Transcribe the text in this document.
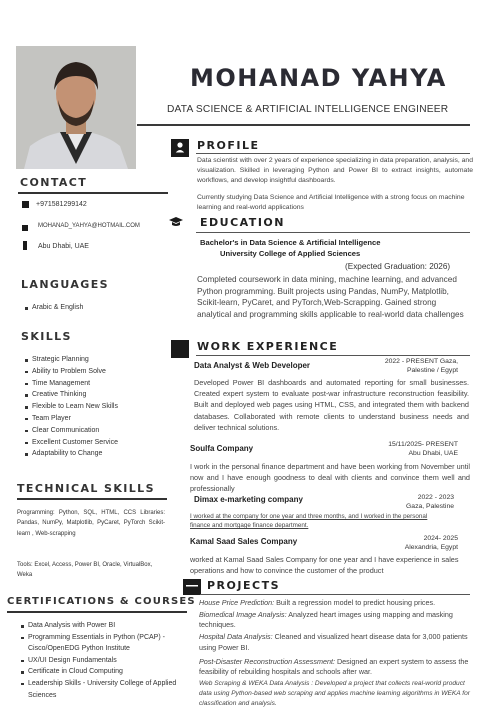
CONTACT
+971581299142
MOHANAD_YAHYA@HOTMAIL.COM
Abu Dhabi, UAE
LANGUAGES
Arabic & English
SKILLS
Strategic Planning
Ability to Problem Solve
Time Management
Creative Thinking
Flexible to Learn New Skills
Team Player
Clear Communication
Excellent Customer Service
Adaptability to Change
TECHNICAL SKILLS
Programming: Python, SQL, HTML, CCS Libraries: Pandas, NumPy, Matplotlib, PyCaret, PyTorch Scikit-learn , Web-scrapping
Tools: Excel, Access, Power BI, Oracle, VirtualBox, Weka
CERTIFICATIONS & COURSES
Data Analysis with Power BI
Programming Essentials in Python (PCAP) - Cisco/OpenEDG Python Institute
UX/UI Design Fundamentals
Certificate in Cloud Computing
Leadership Skills - University College of Applied Sciences
MOHANAD YAHYA
DATA SCIENCE & ARTIFICIAL INTELLIGENCE ENGINEER
PROFILE
Data scientist with over 2 years of experience specializing in data preparation, analysis, and visualization. Skilled in leveraging Python and Power BI to extract insights, automate workflows, and develop insightful dashboards.
Currently studying Data Science and Artificial Intelligence with a strong focus on machine learning and real-world applications
EDUCATION
Bachelor's in Data Science & Artificial Intelligence
University College of Applied Sciences
(Expected Graduation: 2026)
Completed coursework in data mining, machine learning, and advanced Python programming. Built projects using Pandas, NumPy, Matplotlib, Scikit-learn, PyCaret, and PyTorch,Web-Scrapping. Gained strong analytical and programming skills applicable to real-world data challenges
WORK EXPERIENCE
Data Analyst & Web Developer	2022 - PRESENT Gaza,
Palestine / Egypt
Developed Power BI dashboards and automated reporting for small businesses. Created expert system to evaluate post-war infrastructure reconstruction feasibility. Built and deployed web pages using HTML, CSS, and integrated them with backend databases. Collaborated with remote clients to understand business needs and deliver technical solutions.
Soulfa Company	15/11/2025- PRESENT
Abu Dhabi, UAE
I work in the personal finance department and have been working from November until now and I have enough goodness to deal with clients and convince them well and professionally
Dimax e-marketing company	2022 - 2023
Gaza, Palestine
I worked at the company for one year and three months, and I worked in the personal finance and mortgage finance department.
Kamal Saad Sales Company	2024- 2025
Alexandria, Egypt
worked at Kamal Saad Sales Company for one year and I have experience in sales operations and how to convince the customer of the product
PROJECTS
House Price Prediction: Built a regression model to predict housing prices.
Biomedical Image Analysis: Analyzed heart images using mapping and masking techniques.
Hospital Data Analysis: Cleaned and visualized heart disease data for 3,000 patients using Power BI.
Post-Disaster Reconstruction Assessment: Designed an expert system to assess the feasibility of rebuilding hospitals and schools after war.
Web Scraping & WEKA Data Analysis : Developed a project that collects real-world product data using Python-based web scraping and applies machine learning algorithms in WEKA for classification and analysis.
